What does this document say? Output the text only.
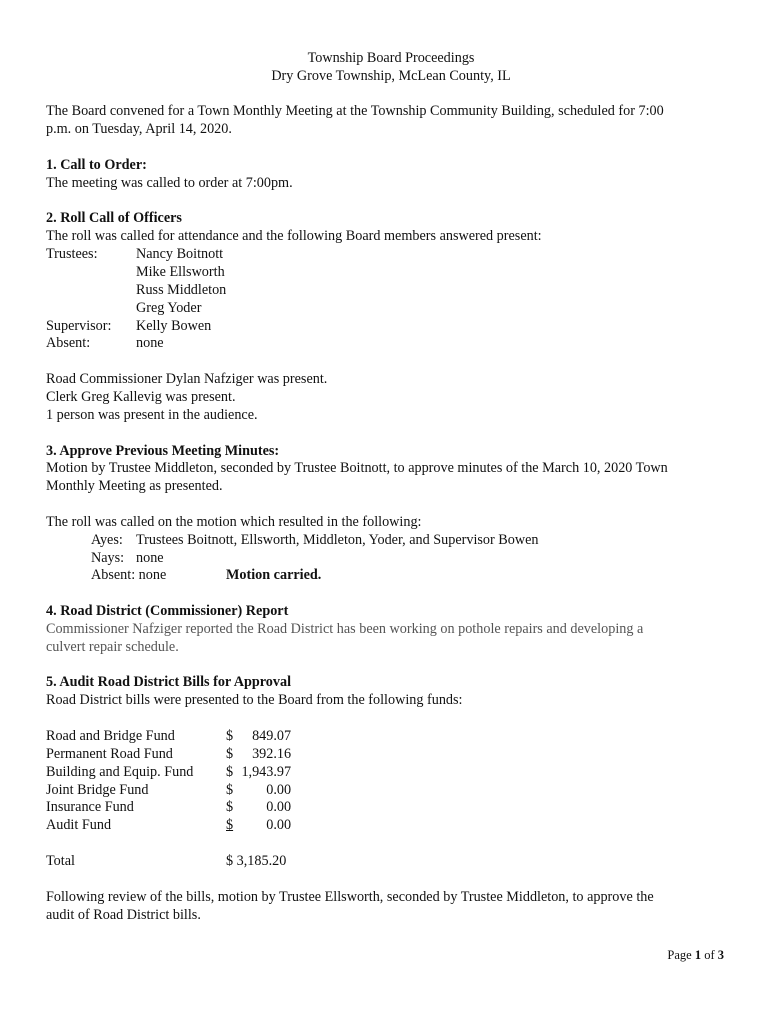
Township Board Proceedings
Dry Grove Township, McLean County, IL
The Board convened for a Town Monthly Meeting at the Township Community Building, scheduled for 7:00
p.m. on Tuesday, April 14, 2020.
1. Call to Order:
The meeting was called to order at 7:00pm.
2. Roll Call of Officers
The roll was called for attendance and the following Board members answered present:
Trustees:	Nancy Boitnott
Mike Ellsworth
Russ Middleton
Greg Yoder
Supervisor: Kelly Bowen
Absent:	none
Road Commissioner Dylan Nafziger was present.
Clerk Greg Kallevig was present.
1 person was present in the audience.
3. Approve Previous Meeting Minutes:
Motion by Trustee Middleton, seconded by Trustee Boitnott, to approve minutes of the March 10, 2020 Town
Monthly Meeting as presented.
The roll was called on the motion which resulted in the following:
Ayes: Trustees Boitnott, Ellsworth, Middleton, Yoder, and Supervisor Bowen
Nays: none
Absent: none	Motion carried.
4. Road District (Commissioner) Report
Commissioner Nafziger reported the Road District has been working on pothole repairs and developing a
culvert repair schedule.
5. Audit Road District Bills for Approval
Road District bills were presented to the Board from the following funds:
Road and Bridge Fund	$ 849.07
Permanent Road Fund	$ 392.16
Building and Equip. Fund $ 1,943.97
Joint Bridge Fund	$ 0.00
Insurance Fund	$ 0.00
Audit Fund	$ 0.00
Total	$ 3,185.20
Following review of the bills, motion by Trustee Ellsworth, seconded by Trustee Middleton, to approve the
audit of Road District bills.
Page 1 of 3
